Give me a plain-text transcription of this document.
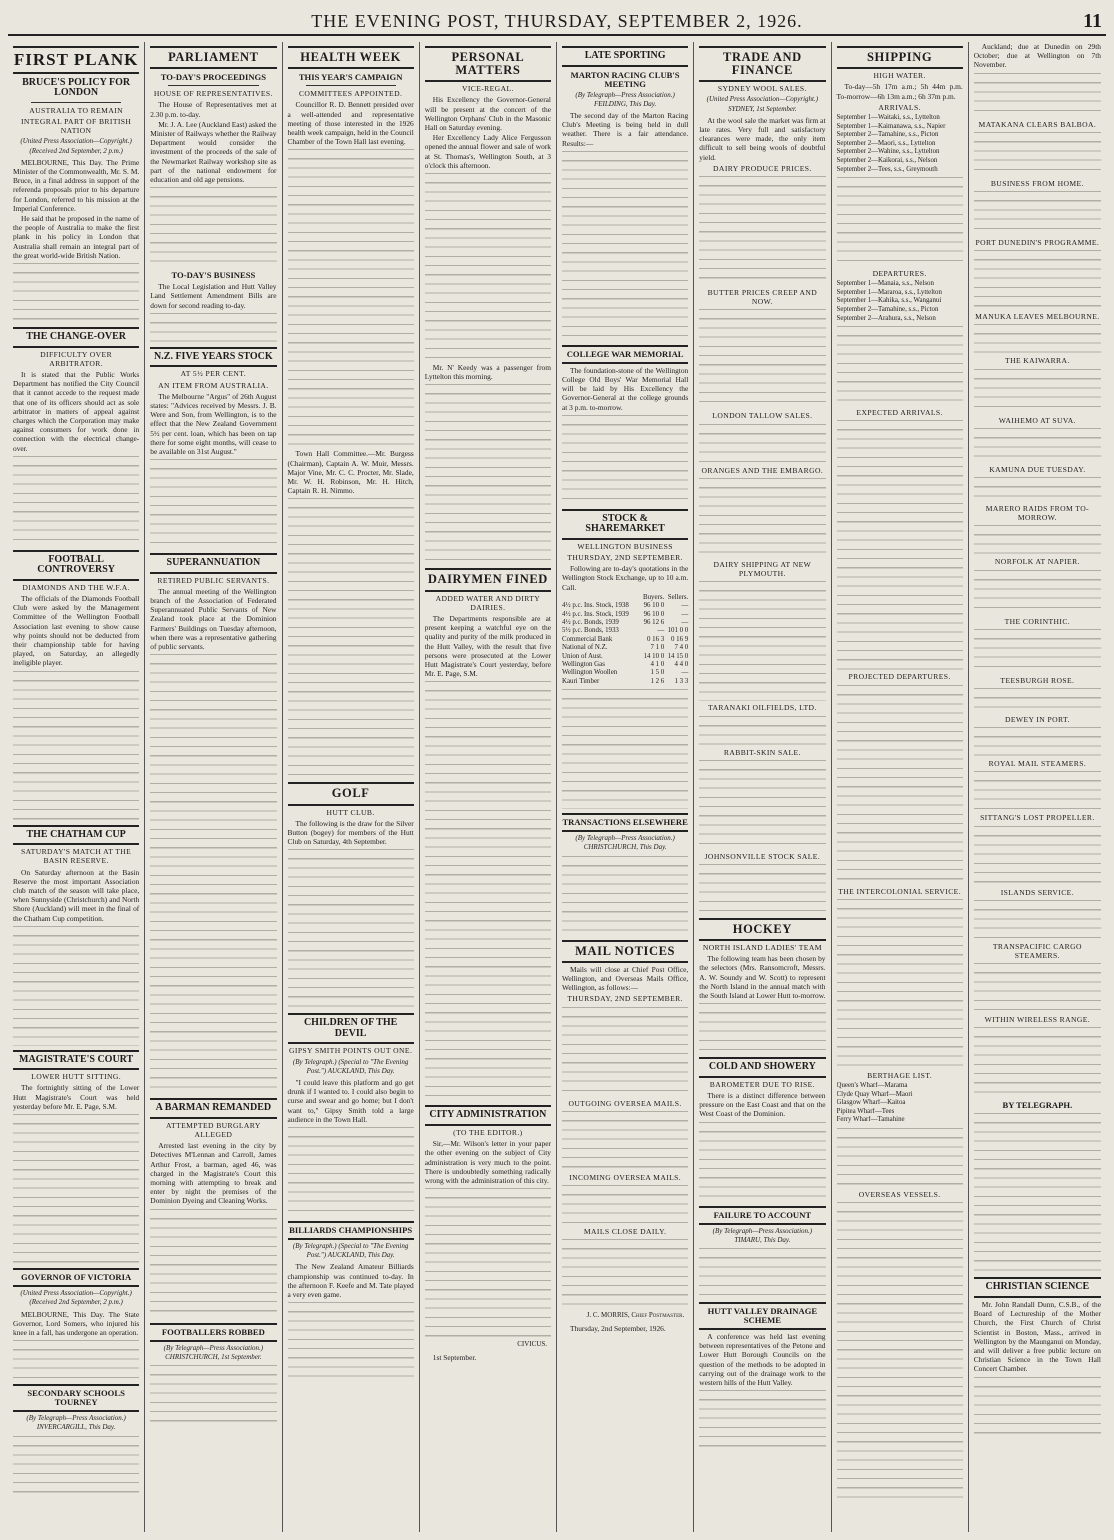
THE EVENING POST, THURSDAY, SEPTEMBER 2, 1926.	11
FIRST PLANK
BRUCE'S POLICY FOR LONDON
AUSTRALIA TO REMAIN
INTEGRAL PART OF BRITISH NATION
(United Press Association—Copyright.) (Received 2nd September, 2 p.m.)
MELBOURNE, This Day. The Prime Minister of the Commonwealth, Mr. S. M. Bruce, in a final address in support of the referenda proposals prior to his departure for London, referred to his mission at the Imperial Conference.
He said that he proposed in the name of the people of Australia to make the first plank in his policy in London that Australia shall remain an integral part of the great world-wide British Nation.
THE CHANGE-OVER
DIFFICULTY OVER ARBITRATOR.
It is stated that the Public Works Department has notified the City Council that it cannot accede to the request made that one of its officers should act as sole arbitrator in matters of appeal against charges which the Corporation may make against consumers for work done in connection with the electrical change-over.
FOOTBALL CONTROVERSY
DIAMONDS AND THE W.F.A.
The officials of the Diamonds Football Club were asked by the Management Committee of the Wellington Football Association last evening to show cause why points should not be deducted from their championship table for having played, on Saturday, an allegedly ineligible player.
THE CHATHAM CUP
SATURDAY'S MATCH AT THE BASIN RESERVE.
On Saturday afternoon at the Basin Reserve the most important Association club match of the season will take place, when Sunnyside (Christchurch) and North Shore (Auckland) will meet in the final of the Chatham Cup competition.
MAGISTRATE'S COURT
LOWER HUTT SITTING.
The fortnightly sitting of the Lower Hutt Magistrate's Court was held yesterday before Mr. E. Page, S.M.
GOVERNOR OF VICTORIA
(United Press Association—Copyright.) (Received 2nd September, 2 p.m.)
MELBOURNE, This Day. The State Governor, Lord Somers, who injured his knee in a fall, has undergone an operation.
SECONDARY SCHOOLS TOURNEY
(By Telegraph—Press Association.) INVERCARGILL, This Day.
PARLIAMENT
TO-DAY'S PROCEEDINGS
HOUSE OF REPRESENTATIVES.
The House of Representatives met at 2.30 p.m. to-day.
Mr. J. A. Lee (Auckland East) asked the Minister of Railways whether the Railway Department would consider the investment of the proceeds of the sale of the Newmarket Railway workshop site as part of the national endowment for education and old age pensions.
TO-DAY'S BUSINESS
The Local Legislation and Hutt Valley Land Settlement Amendment Bills are down for second reading to-day.
N.Z. FIVE YEARS STOCK
AT 5½ PER CENT.
AN ITEM FROM AUSTRALIA.
The Melbourne "Argus" of 26th August states: "Advices received by Messrs. J. B. Were and Son, from Wellington, is to the effect that the New Zealand Government 5½ per cent. loan, which has been on tap there for some eight months, will cease to be available on 31st August."
SUPERANNUATION
RETIRED PUBLIC SERVANTS.
The annual meeting of the Wellington branch of the Association of Federated Superannuated Public Servants of New Zealand took place at the Dominion Farmers' Buildings on Tuesday afternoon, when there was a representative gathering of public servants.
A BARMAN REMANDED
ATTEMPTED BURGLARY ALLEGED
Arrested last evening in the city by Detectives M'Lennan and Carroll, James Arthur Frost, a barman, aged 46, was charged in the Magistrate's Court this morning with attempting to break and enter by night the premises of the Dominion Dyeing and Cleaning Works.
FOOTBALLERS ROBBED
(By Telegraph—Press Association.) CHRISTCHURCH, 1st September.
HEALTH WEEK
THIS YEAR'S CAMPAIGN
COMMITTEES APPOINTED.
Councillor R. D. Bennett presided over a well-attended and representative meeting of those interested in the 1926 health week campaign, held in the Council Chamber of the Town Hall last evening.
Town Hall Committee.—Mr. Burgess (Chairman), Captain A. W. Muir, Messrs. Major Vine, Mr. C. C. Procter, Mr. Slade, Mr. W. H. Robinson, Mr. H. Hitch, Captain R. H. Nimmo.
GOLF
HUTT CLUB.
The following is the draw for the Silver Button (bogey) for members of the Hutt Club on Saturday, 4th September.
CHILDREN OF THE DEVIL
GIPSY SMITH POINTS OUT ONE.
(By Telegraph.) (Special to "The Evening Post.") AUCKLAND, This Day.
"I could leave this platform and go get drunk if I wanted to. I could also begin to curse and swear and go home; but I don't want to," Gipsy Smith told a large audience in the Town Hall.
BILLIARDS CHAMPIONSHIPS
(By Telegraph.) (Special to "The Evening Post.") AUCKLAND, This Day.
The New Zealand Amateur Billiards championship was continued to-day. In the afternoon F. Keefe and M. Tate played a very even game.
PERSONAL MATTERS
VICE-REGAL.
His Excellency the Governor-General will be present at the concert of the Wellington Orphans' Club in the Masonic Hall on Saturday evening.
Her Excellency Lady Alice Fergusson opened the annual flower and sale of work at St. Thomas's, Wellington South, at 3 o'clock this afternoon.
Mr. N' Keedy was a passenger from Lyttelton this morning.
DAIRYMEN FINED
ADDED WATER AND DIRTY DAIRIES.
The Departments responsible are at present keeping a watchful eye on the quality and purity of the milk produced in the Hutt Valley, with the result that five persons were prosecuted at the Lower Hutt Magistrate's Court yesterday, before Mr. E. Page, S.M.
CITY ADMINISTRATION
(TO THE EDITOR.)
Sir,—Mr. Wilson's letter in your paper the other evening on the subject of City administration is very much to the point. There is undoubtedly something radically wrong with the administration of this city.
CIVICUS.
1st September.
LATE SPORTING
MARTON RACING CLUB'S MEETING
(By Telegraph—Press Association.) FEILDING, This Day.
The second day of the Marton Racing Club's Meeting is being held in dull weather. There is a fair attendance. Results:—
COLLEGE WAR MEMORIAL
The foundation-stone of the Wellington College Old Boys' War Memorial Hall will be laid by His Excellency the Governor-General at the college grounds at 3 p.m. to-morrow.
STOCK & SHAREMARKET
WELLINGTON BUSINESS
THURSDAY, 2ND SEPTEMBER.
Following are to-day's quotations in the Wellington Stock Exchange, up to 10 a.m. Call.
	Buyers.	Sellers.
4½ p.c. Ins. Stock, 1938	96 10 0	—
4½ p.c. Ins. Stock, 1939	96 10 0	—
4½ p.c. Bonds, 1939	96 12 6	—
5½ p.c. Bonds, 1933	—	101 0 0
Commercial Bank	0 16 3	0 16 9
National of N.Z.	7 1 0	7 4 0
Union of Aust.	14 10 0	14 15 0
Wellington Gas	4 1 0	4 4 0
Wellington Woollen	1 5 0	—
Kauri Timber	1 2 6	1 3 3
TRANSACTIONS ELSEWHERE
(By Telegraph—Press Association.) CHRISTCHURCH, This Day.
MAIL NOTICES
Mails will close at Chief Post Office, Wellington, and Overseas Mails Office, Wellington, as follows:—
THURSDAY, 2ND SEPTEMBER.
OUTGOING OVERSEA MAILS.
INCOMING OVERSEA MAILS.
MAILS CLOSE DAILY.
J. C. MORRIS, Chief Postmaster.
Thursday, 2nd September, 1926.
TRADE AND FINANCE
SYDNEY WOOL SALES.
(United Press Association—Copyright.) SYDNEY, 1st September.
At the wool sale the market was firm at late rates. Very full and satisfactory clearances were made, the only item difficult to sell being wools of doubtful yield.
DAIRY PRODUCE PRICES.
BUTTER PRICES CREEP AND NOW.
LONDON TALLOW SALES.
ORANGES AND THE EMBARGO.
DAIRY SHIPPING AT NEW PLYMOUTH.
TARANAKI OILFIELDS, LTD.
RABBIT-SKIN SALE.
JOHNSONVILLE STOCK SALE.
HOCKEY
NORTH ISLAND LADIES' TEAM
The following team has been chosen by the selectors (Mrs. Ransomcroft, Messrs. A. W. Soundy and W. Scott) to represent the North Island in the annual match with the South Island at Lower Hutt to-morrow.
COLD AND SHOWERY
BAROMETER DUE TO RISE.
There is a distinct difference between pressure on the East Coast and that on the West Coast of the Dominion.
FAILURE TO ACCOUNT
(By Telegraph—Press Association.) TIMARU, This Day.
HUTT VALLEY DRAINAGE SCHEME
A conference was held last evening between representatives of the Petone and Lower Hutt Borough Councils on the question of the methods to be adopted in carrying out of the drainage work to the western hills of the Hutt Valley.
SHIPPING
HIGH WATER.
To-day—5h 17m a.m.; 5h 44m p.m. To-morrow—6h 13m a.m.; 6h 37m p.m.
ARRIVALS.
September 1—Waitaki, s.s., Lyttelton
September 1—Kaimanawa, s.s., Napier
September 2—Tamahine, s.s., Picton
September 2—Maori, s.s., Lyttelton
September 2—Wahine, s.s., Lyttelton
September 2—Kaikorai, s.s., Nelson
September 2—Tees, s.s., Greymouth
DEPARTURES.
September 1—Manaia, s.s., Nelson
September 1—Mararoa, s.s., Lyttelton
September 1—Kahika, s.s., Wanganui
September 2—Tamahine, s.s., Picton
September 2—Arahura, s.s., Nelson
EXPECTED ARRIVALS.
PROJECTED DEPARTURES.
THE INTERCOLONIAL SERVICE.
BERTHAGE LIST.
Queen's Wharf—Marama
Clyde Quay Wharf—Maori
Glasgow Wharf—Kaitoa
Pipitea Wharf—Tees
Ferry Wharf—Tamahine
OVERSEAS VESSELS.
Auckland; due at Dunedin on 29th October; due at Wellington on 7th November.
MATAKANA CLEARS BALBOA.
BUSINESS FROM HOME.
PORT DUNEDIN'S PROGRAMME.
MANUKA LEAVES MELBOURNE.
THE KAIWARRA.
WAIHEMO AT SUVA.
KAMUNA DUE TUESDAY.
MARERO RAIDS FROM TO-MORROW.
NORFOLK AT NAPIER.
THE CORINTHIC.
TEESBURGH ROSE.
DEWEY IN PORT.
ROYAL MAIL STEAMERS.
SITTANG'S LOST PROPELLER.
ISLANDS SERVICE.
TRANSPACIFIC CARGO STEAMERS.
WITHIN WIRELESS RANGE.
BY TELEGRAPH.
CHRISTIAN SCIENCE
Mr. John Randall Dunn, C.S.B., of the Board of Lectureship of the Mother Church, the First Church of Christ Scientist in Boston, Mass., arrived in Wellington by the Maunganui on Monday, and will deliver a free public lecture on Christian Science in the Town Hall Concert Chamber.
